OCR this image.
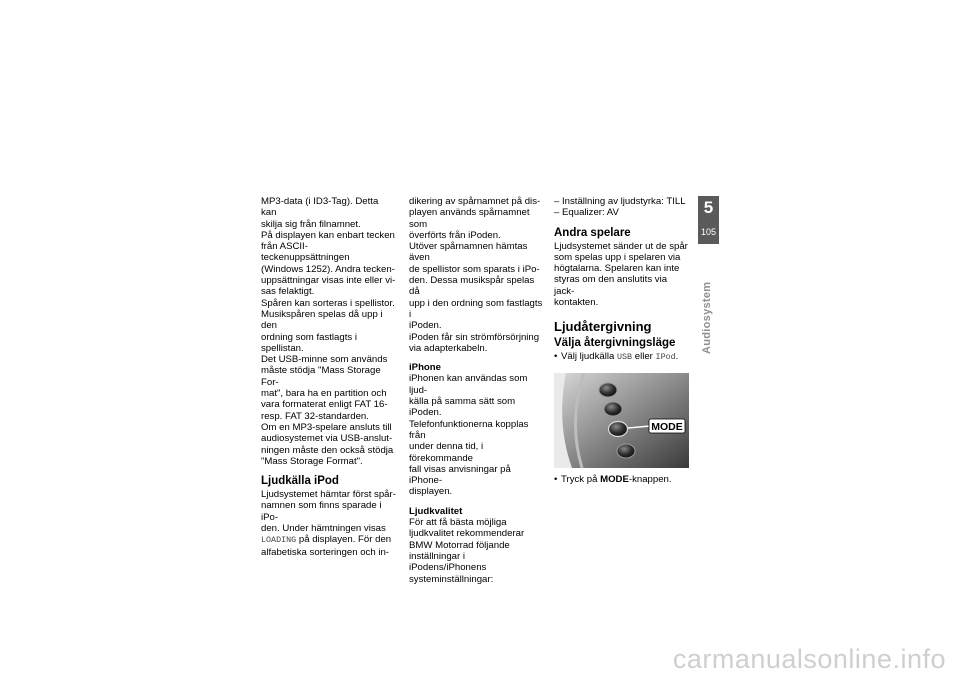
MP3-data (i ID3-Tag). Detta kan
skilja sig från filnamnet.

På displayen kan enbart tecken
från ASCII-teckenuppsättningen
(Windows 1252). Andra tecken-
uppsättningar visas inte eller vi-
sas felaktigt.

Spåren kan sorteras i spellistor.
Musikspåren spelas då upp i den
ordning som fastlagts i spellistan.

Det USB-minne som används
måste stödja "Mass Storage For-
mat", bara ha en partition och
vara formaterat enligt FAT 16-
resp. FAT 32-standarden.

Om en MP3-spelare ansluts till
audiosystemet via USB-anslut-
ningen måste den också stödja
"Mass Storage Format".

Ljudkälla iPod

Ljudsystemet hämtar först spår-
namnen som finns sparade i iPo-
den. Under hämtningen visas
LOADING på displayen. För den
alfabetiska sorteringen och in-

dikering av spårnamnet på dis-
playen används spårnamnet som
överförts från iPoden.

Utöver spårnamnen hämtas även
de spellistor som sparats i iPo-
den. Dessa musikspår spelas då
upp i den ordning som fastlagts i
iPoden.

iPoden får sin strömförsörjning
via adapterkabeln.

iPhone

iPhonen kan användas som ljud-
källa på samma sätt som iPoden.
Telefonfunktionerna kopplas från
under denna tid, i förekommande
fall visas anvisningar på iPhone-
displayen.

Ljudkvalitet

För att få bästa möjliga
ljudkvalitet rekommenderar
BMW Motorrad följande
inställningar i iPodens/iPhonens
systeminställningar:

– Inställning av ljudstyrka: TILL
– Equalizer: AV
Andra spelare

Ljudsystemet sänder ut de spår
som spelas upp i spelaren via
högtalarna. Spelaren kan inte
styras om den anslutits via jack-
kontakten.

Ljudåtergivning
Välja återgivningsläge
• Välj ljudkälla USB eller IPod.
MODE
• Tryck på MODE-knappen.
5
105
Audiosystem
carmanualsonline.info
